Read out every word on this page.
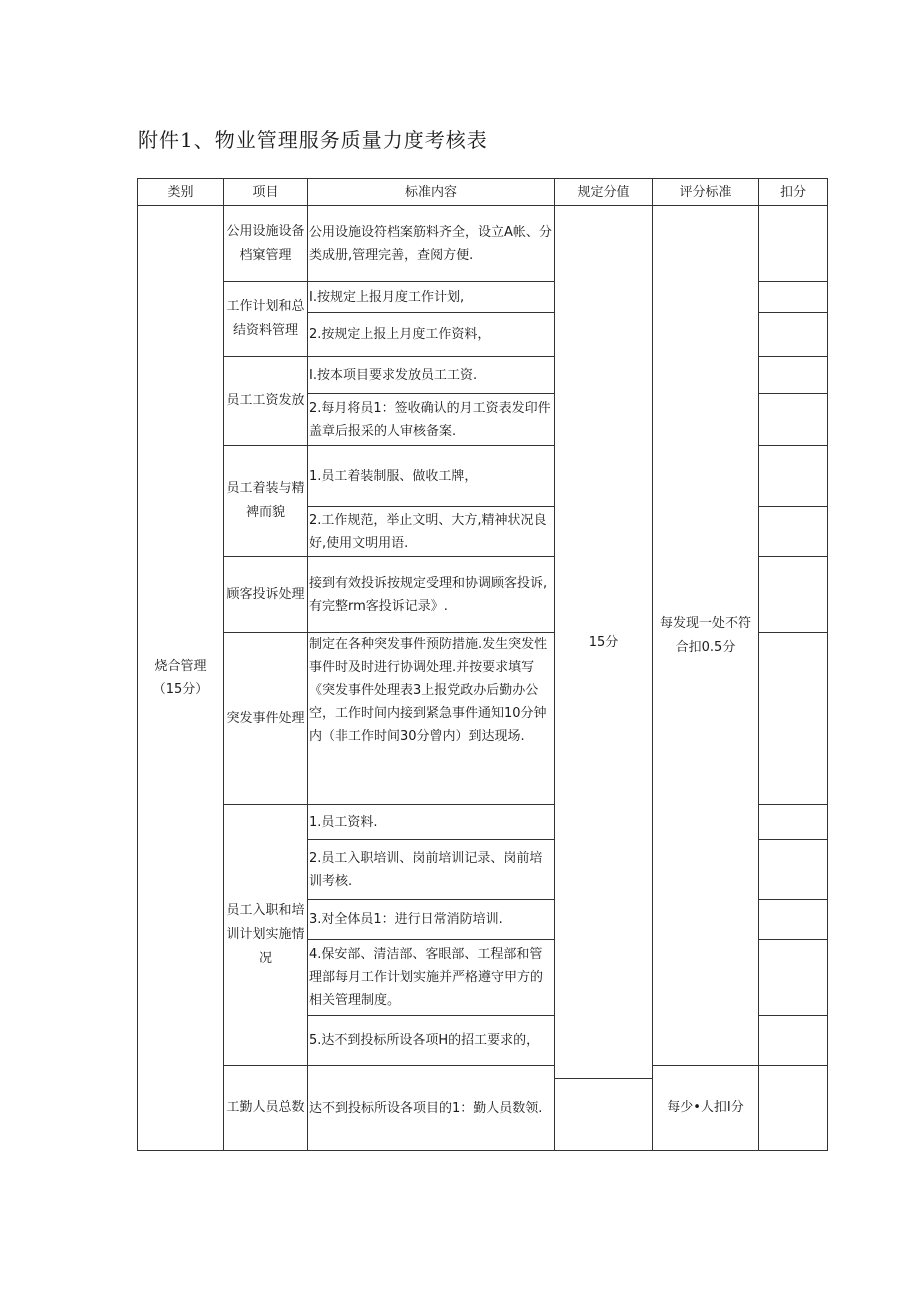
附件1、物业管理服务质量力度考核表
类别	项目	标准内容	规定分值	评分标准	扣分

烧合管理
（15分）	公用设施设备档窠管理	公用设施设符档案筋料齐全，设立A帐、分类成册,管理完善，查阅方便.	15分	每发现一处不符合扣0.5分	

	工作计划和总结资料管理	I.按规定上报月度工作计划,			
		2.按规定上报上月度工作资料，			

	员工工资发放	I.按本项目要求发放员工工资.			
		2.每月将员1：签收确认的月工资表发印件盖章后报采的人审核备案.			

	员工着装与精裨而貌	1.员工着装制服、做收工牌，			
		2.工作规范，举止文明、大方,精神状况良好,使用文明用语.			

	顾客投诉处理	接到有效投诉按规定受理和协调顾客投诉,有完整rm客投诉记录》.			

	突发事件处理	制定在各种突发事件预防措施.发生突发性事件时及时进行协调处理.并按要求填写《突发事件处理表3上报党政办后勤办公空，工作时间内接到紧急事件通知10分钟内（非工作时间30分曾内）到达现场.			

	员工入职和培训计划实施情况	1.员工资料.			
		2.员工入职培训、岗前培训记录、岗前培训考核.			
		3.对全体员1：进行日常消防培训.			
		4.保安部、清洁部、客眼部、工程部和管理部每月工作计划实施并严格遵守甲方的相关管理制度。			
		5.达不到投标所设各项H的招工要求的，			

	工勤人员总数	达不到投标所设各项目的1：勤人员数领.		每少•人扣I分	
